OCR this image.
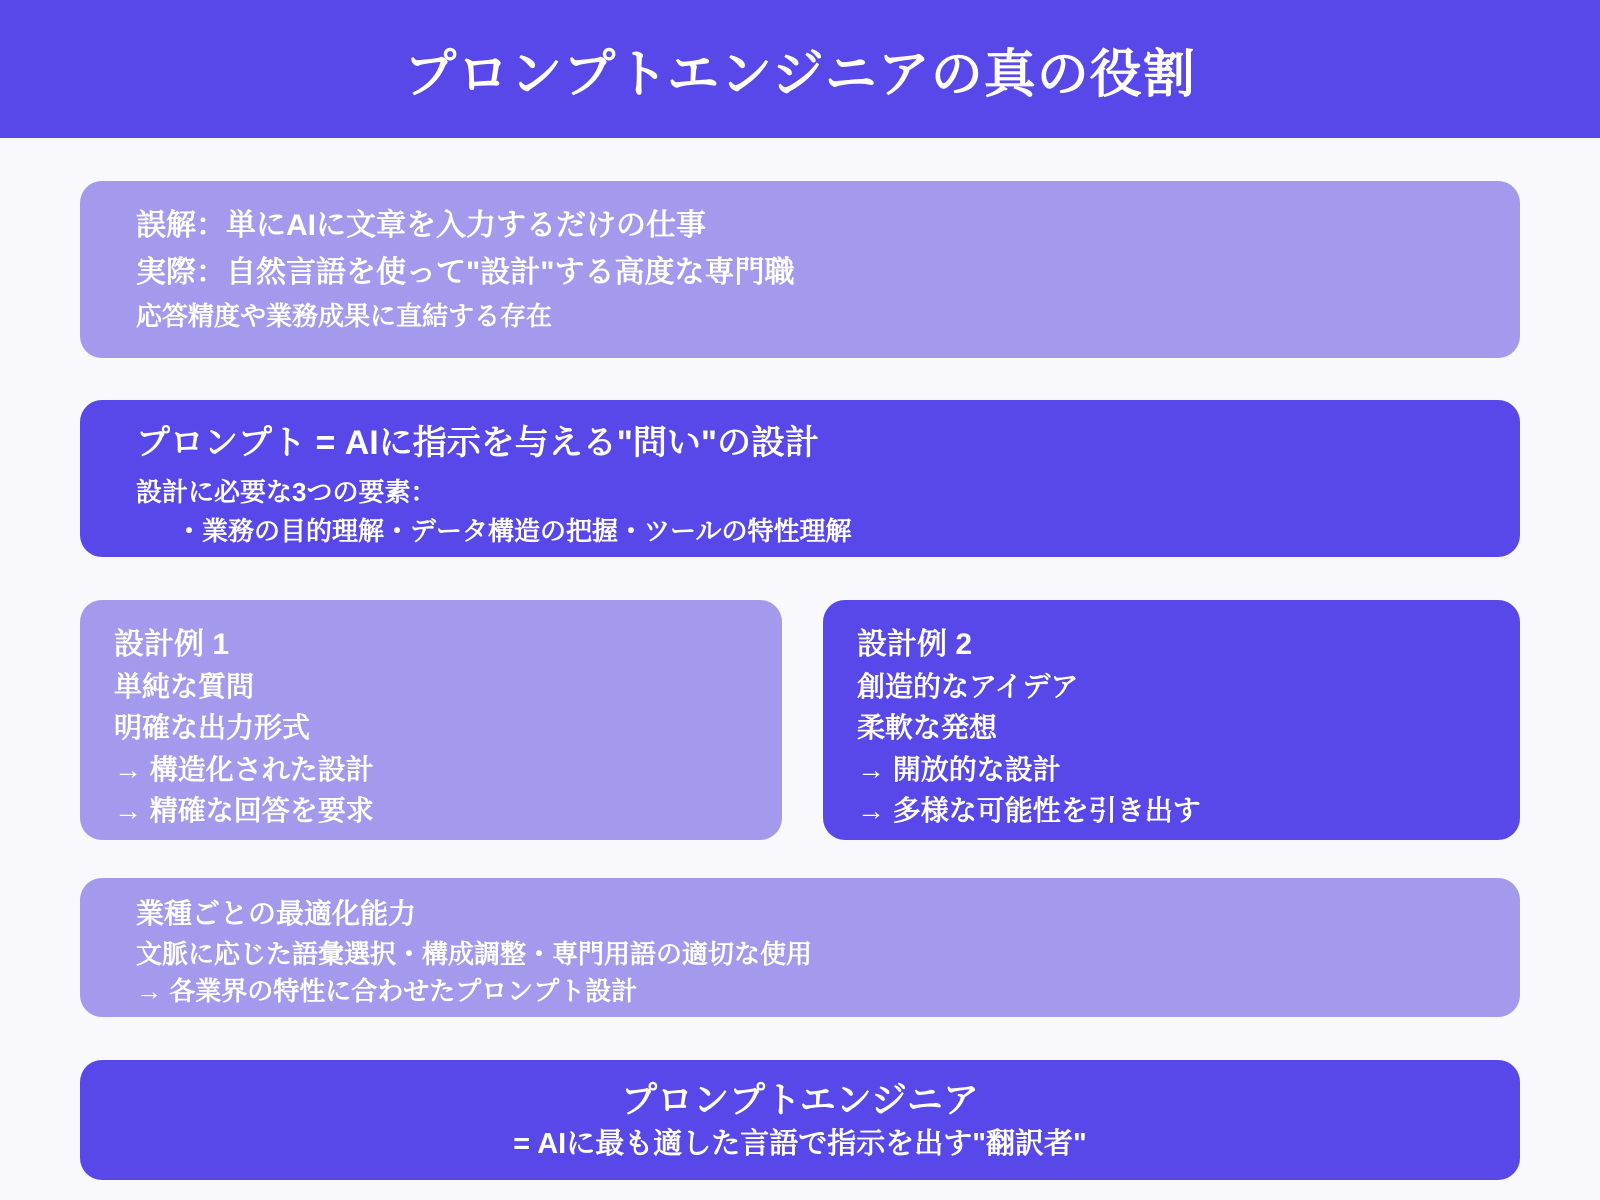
プロンプトエンジニアの真の役割

誤解：単にAIに文章を入力するだけの仕事

実際：自然言語を使って"設計"する高度な専門職

応答精度や業務成果に直結する存在

プロンプト = AIに指示を与える"問い"の設計

設計に必要な3つの要素：

・業務の目的理解・データ構造の把握・ツールの特性理解

設計例 1

単純な質問

明確な出力形式

→ 構造化された設計

→ 精確な回答を要求

設計例 2

創造的なアイデア

柔軟な発想

→ 開放的な設計

→ 多様な可能性を引き出す

業種ごとの最適化能力

文脈に応じた語彙選択・構成調整・専門用語の適切な使用

→ 各業界の特性に合わせたプロンプト設計

プロンプトエンジニア

= AIに最も適した言語で指示を出す"翻訳者"
